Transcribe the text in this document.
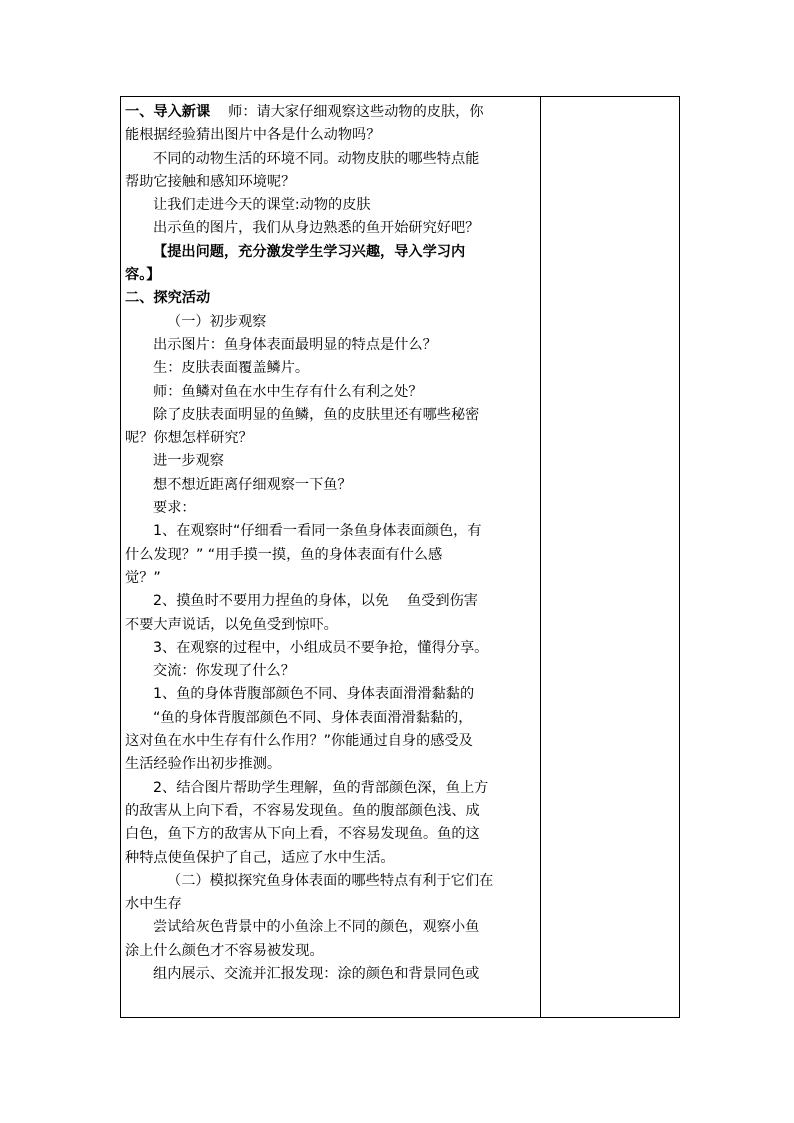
一、导入新课 师：请大家仔细观察这些动物的皮肤，你
能根据经验猜出图片中各是什么动物吗？
不同的动物生活的环境不同。动物皮肤的哪些特点能
帮助它接触和感知环境呢？
让我们走进今天的课堂:动物的皮肤
出示鱼的图片，我们从身边熟悉的鱼开始研究好吧？
【提出问题，充分激发学生学习兴趣，导入学习内
容。】
二、探究活动
（一）初步观察
出示图片：鱼身体表面最明显的特点是什么？
生：皮肤表面覆盖鳞片。
师：鱼鳞对鱼在水中生存有什么有利之处？
除了皮肤表面明显的鱼鳞，鱼的皮肤里还有哪些秘密
呢？你想怎样研究？
进一步观察
想不想近距离仔细观察一下鱼？
要求：
1、在观察时“仔细看一看同一条鱼身体表面颜色，有
什么发现？” “用手摸一摸，鱼的身体表面有什么感
觉？”
2、摸鱼时不要用力捏鱼的身体，以免 鱼受到伤害
不要大声说话，以免鱼受到惊吓。
3、在观察的过程中，小组成员不要争抢，懂得分享。
交流：你发现了什么？
1、鱼的身体背腹部颜色不同、身体表面滑滑黏黏的
“鱼的身体背腹部颜色不同、身体表面滑滑黏黏的，
这对鱼在水中生存有什么作用？”你能通过自身的感受及
生活经验作出初步推测。
2、结合图片帮助学生理解，鱼的背部颜色深，鱼上方
的敌害从上向下看，不容易发现鱼。鱼的腹部颜色浅、成
白色，鱼下方的敌害从下向上看，不容易发现鱼。鱼的这
种特点使鱼保护了自己，适应了水中生活。
（二）模拟探究鱼身体表面的哪些特点有利于它们在
水中生存
尝试给灰色背景中的小鱼涂上不同的颜色，观察小鱼
涂上什么颜色才不容易被发现。
组内展示、交流并汇报发现：涂的颜色和背景同色或
